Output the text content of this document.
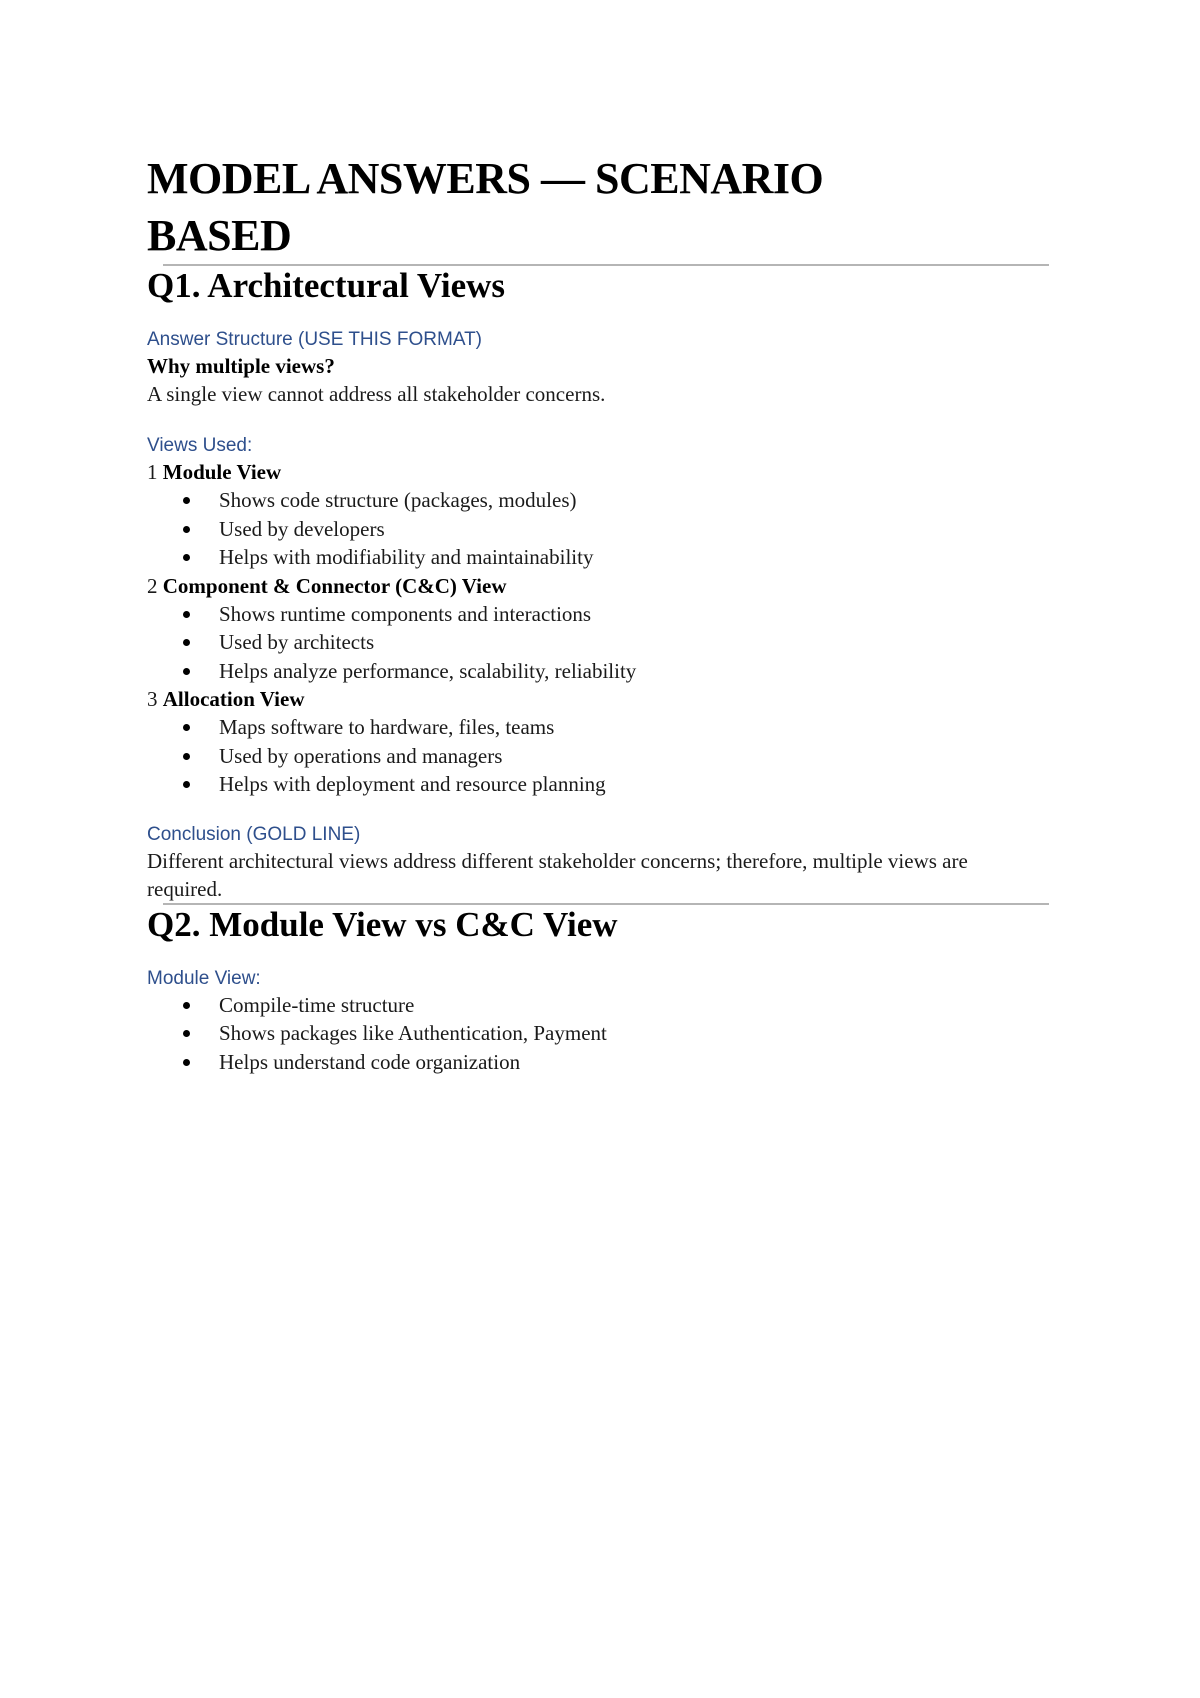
MODEL ANSWERS — SCENARIO
BASED
Q1. Architectural Views
Answer Structure (USE THIS FORMAT)

Why multiple views?
A single view cannot address all stakeholder concerns.

Views Used:

1 Module View

Shows code structure (packages, modules)
Used by developers
Helps with modifiability and maintainability

2 Component & Connector (C&C) View

Shows runtime components and interactions
Used by architects
Helps analyze performance, scalability, reliability

3 Allocation View

Maps software to hardware, files, teams
Used by operations and managers
Helps with deployment and resource planning
Conclusion (GOLD LINE)

Different architectural views address different stakeholder concerns; therefore, multiple views are required.

Q2. Module View vs C&C View
Module View:
Compile-time structure
Shows packages like Authentication, Payment
Helps understand code organization
